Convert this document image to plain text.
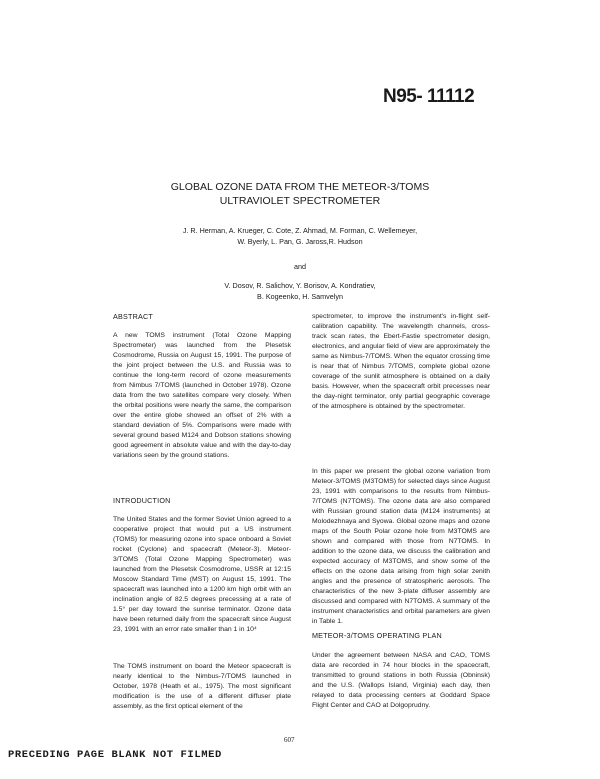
N95- 11112
GLOBAL OZONE DATA FROM THE METEOR-3/TOMS
ULTRAVIOLET SPECTROMETER
J. R. Herman, A. Krueger, C. Cote, Z. Ahmad, M. Forman, C. Wellemeyer,
W. Byerly, L. Pan, G. Jaross,R. Hudson
and
V. Dosov, R. Salichov, Y. Borisov, A. Kondratiev,
B. Kogeenko, H. Samvelyn
ABSTRACT

A new TOMS instrument (Total Ozone Mapping Spectrometer) was launched from the Plesetsk Cosmodrome, Russia on August 15, 1991. The purpose of the joint project between the U.S. and Russia was to continue the long-term record of ozone measurements from Nimbus 7/TOMS (launched in October 1978). Ozone data from the two satellites compare very closely. When the orbital positions were nearly the same, the comparison over the entire globe showed an offset of 2% with a standard deviation of 5%. Comparisons were made with several ground based M124 and Dobson stations showing good agreement in absolute value and with the day-to-day variations seen by the ground stations.

INTRODUCTION

The United States and the former Soviet Union agreed to a cooperative project that would put a US instrument (TOMS) for measuring ozone into space onboard a Soviet rocket (Cyclone) and spacecraft (Meteor-3). Meteor-3/TOMS (Total Ozone Mapping Spectrometer) was launched from the Plesetsk Cosmodrome, USSR at 12:15 Moscow Standard Time (MST) on August 15, 1991. The spacecraft was launched into a 1200 km high orbit with an inclination angle of 82.5 degrees precessing at a rate of 1.5° per day toward the sunrise terminator. Ozone data have been returned daily from the spacecraft since August 23, 1991 with an error rate smaller than 1 in 10⁴

The TOMS instrument on board the Meteor spacecraft is nearly identical to the Nimbus-7/TOMS launched in October, 1978 (Heath et al., 1975). The most significant modification is the use of a different diffuser plate assembly, as the first optical element of the

spectrometer, to improve the instrument's in-flight self-calibration capability. The wavelength channels, cross-track scan rates, the Ebert-Fastie spectrometer design, electronics, and angular field of view are approximately the same as Nimbus-7/TOMS. When the equator crossing time is near that of Nimbus 7/TOMS, complete global ozone coverage of the sunlit atmosphere is obtained on a daily basis. However, when the spacecraft orbit precesses near the day-night terminator, only partial geographic coverage of the atmosphere is obtained by the spectrometer.

In this paper we present the global ozone variation from Meteor-3/TOMS (M3TOMS) for selected days since August 23, 1991 with comparisons to the results from Nimbus-7/TOMS (N7TOMS). The ozone data are also compared with Russian ground station data (M124 instruments) at Molodezhnaya and Syowa. Global ozone maps and ozone maps of the South Polar ozone hole from M3TOMS are shown and compared with those from N7TOMS. In addition to the ozone data, we discuss the calibration and expected accuracy of M3TOMS, and show some of the effects on the ozone data arising from high solar zenith angles and the presence of stratospheric aerosols. The characteristics of the new 3-plate diffuser assembly are discussed and compared with N7TOMS. A summary of the instrument characteristics and orbital parameters are given in Table 1.

METEOR-3/TOMS OPERATING PLAN

Under the agreement between NASA and CAO, TOMS data are recorded in 74 hour blocks in the spacecraft, transmitted to ground stations in both Russia (Obninsk) and the U.S. (Wallops Island, Virginia) each day, then relayed to data processing centers at Goddard Space Flight Center and CAO at Dolgoprudny.

607
PRECEDING PAGE BLANK NOT FILMED
